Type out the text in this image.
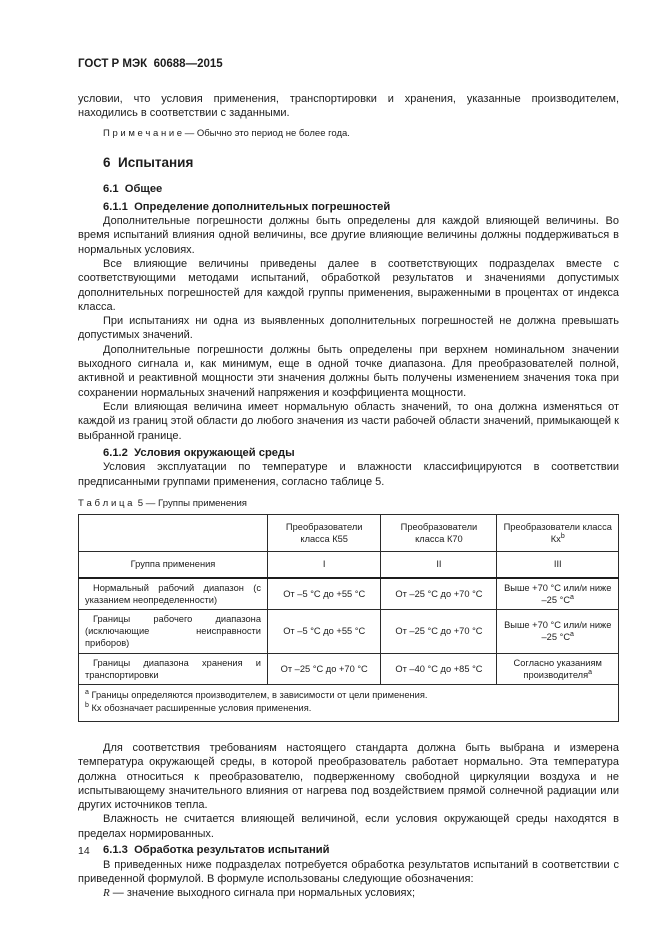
ГОСТ Р МЭК  60688—2015

условии, что условия применения, транспортировки и хранения, указанные производителем, находились в соответствии с заданными.

П р и м е ч а н и е — Обычно это период не более года.

6  Испытания
6.1  Общее
6.1.1  Определение дополнительных погрешностей

Дополнительные погрешности должны быть определены для каждой влияющей величины. Во время испытаний влияния одной величины, все другие влияющие величины должны поддерживаться в нормальных условиях.

Все влияющие величины приведены далее в соответствующих подразделах вместе с соответствующими методами испытаний, обработкой результатов и значениями допустимых дополнительных погрешностей для каждой группы применения, выраженными в процентах от индекса класса.

При испытаниях ни одна из выявленных дополнительных погрешностей не должна превышать допустимых значений.

Дополнительные погрешности должны быть определены при верхнем номинальном значении выходного сигнала и, как минимум, еще в одной точке диапазона. Для преобразователей полной, активной и реактивной мощности эти значения должны быть получены изменением значения тока при сохранении нормальных значений напряжения и коэффициента мощности.

Если влияющая величина имеет нормальную область значений, то она должна изменяться от каждой из границ этой области до любого значения из части рабочей области значений, примыкающей к выбранной границе.

6.1.2  Условия окружающей среды

Условия эксплуатации по температуре и влажности классифицируются в соответствии предписанными группами применения, согласно таблице 5.

Т а б л и ц а  5 — Группы применения
	Преобразователи класса К55	Преобразователи класса К70	Преобразователи класса $Кх^b$
Группа применения	I	II	III
Нормальный рабочий диапазон (с указанием неопределенности)	От –5 °С до +55 °С	От –25 °С до +70 °С	Выше +70 °С или/и ниже –25 $^\circ С^a$
Границы рабочего диапазона (исключающие неисправности приборов)	От –5 °С до +55 °С	От –25 °С до +70 °С	Выше +70 °С или/и ниже –25 $^\circ С^a$
Границы диапазона хранения и транспортировки	От –25 °С до +70 °С	От –40 °С до +85 °С	Согласно указаниям производителя$^a$

$^a$ Границы определяются производителем, в зависимости от цели применения.
$^b$ Кх обозначает расширенные условия применения.			

Для соответствия требованиям настоящего стандарта должна быть выбрана и измерена температура окружающей среды, в которой преобразователь работает нормально. Эта температура должна относиться к преобразователю, подверженному свободной циркуляции воздуха и не испытывающему значительного влияния от нагрева под воздействием прямой солнечной радиации или других источников тепла.

Влажность не считается влияющей величиной, если условия окружающей среды находятся в пределах нормированных.

6.1.3  Обработка результатов испытаний

В приведенных ниже подразделах потребуется обработка результатов испытаний в соответствии с приведенной формулой. В формуле использованы следующие обозначения:

R — значение выходного сигнала при нормальных условиях;

14
